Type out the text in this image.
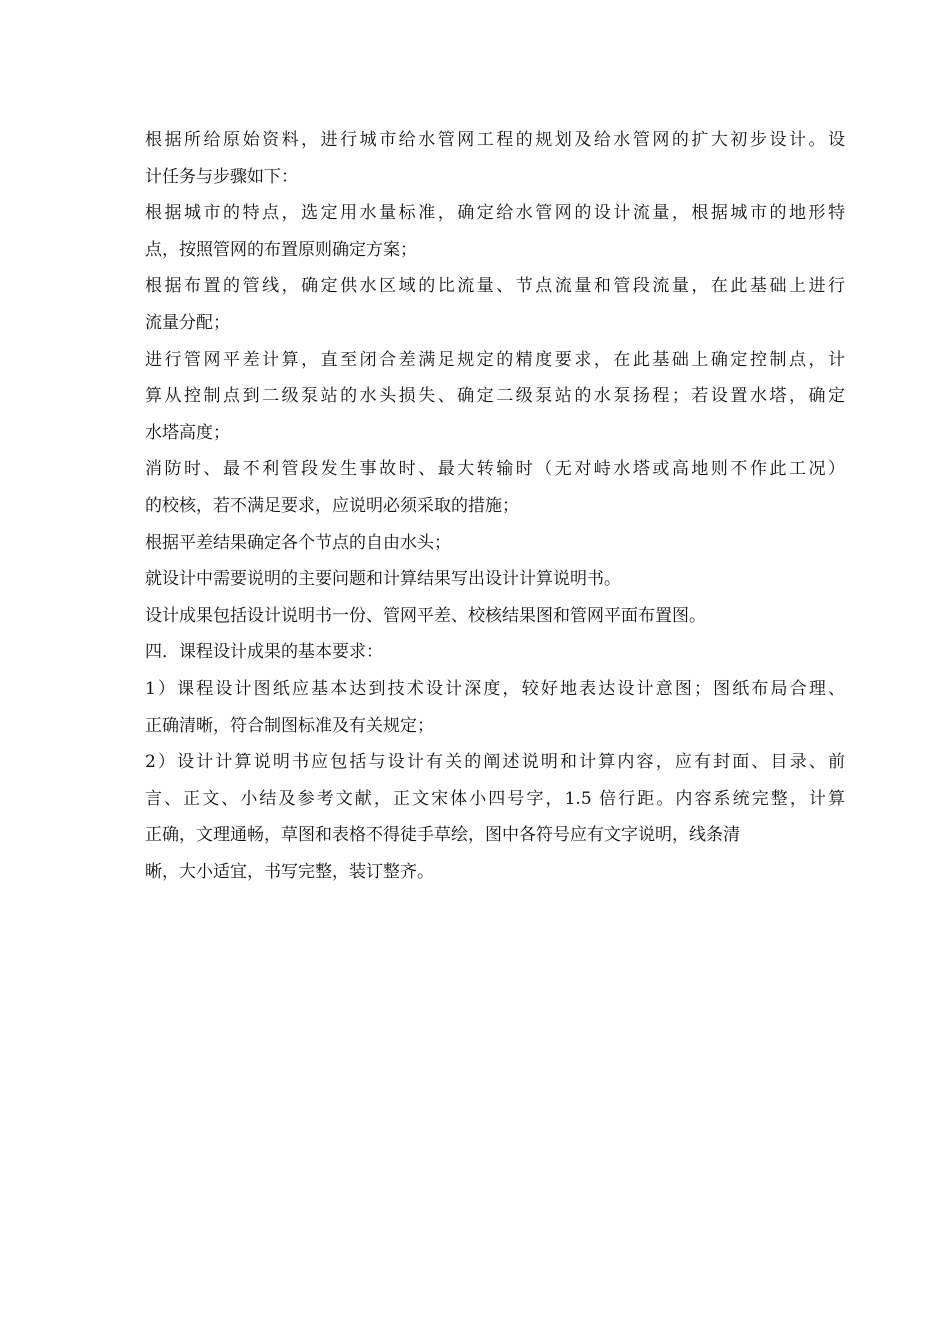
根据所给原始资料，进行城市给水管网工程的规划及给水管网的扩大初步设计。设
计任务与步骤如下：
根据城市的特点，选定用水量标准，确定给水管网的设计流量，根据城市的地形特
点，按照管网的布置原则确定方案；
根据布置的管线，确定供水区域的比流量、节点流量和管段流量，在此基础上进行
流量分配；
进行管网平差计算，直至闭合差满足规定的精度要求，在此基础上确定控制点，计
算从控制点到二级泵站的水头损失、确定二级泵站的水泵扬程；若设置水塔，确定
水塔高度；
消防时、最不利管段发生事故时、最大转输时（无对峙水塔或高地则不作此工况）
的校核，若不满足要求，应说明必须采取的措施；
根据平差结果确定各个节点的自由水头；
就设计中需要说明的主要问题和计算结果写出设计计算说明书。
设计成果包括设计说明书一份、管网平差、校核结果图和管网平面布置图。
四．课程设计成果的基本要求：
1）课程设计图纸应基本达到技术设计深度，较好地表达设计意图；图纸布局合理、
正确清晰，符合制图标准及有关规定；
2）设计计算说明书应包括与设计有关的阐述说明和计算内容，应有封面、目录、前
言、正文、小结及参考文献，正文宋体小四号字，1.5 倍行距。内容系统完整，计算
正确，文理通畅，草图和表格不得徒手草绘，图中各符号应有文字说明，线条清
晰，大小适宜，书写完整，装订整齐。
